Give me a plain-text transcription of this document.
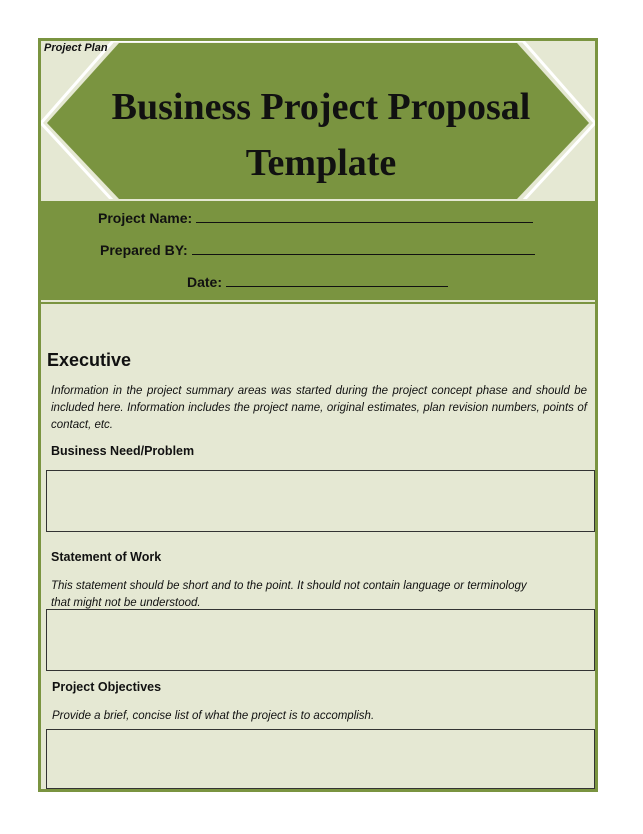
Project Plan
Business Project Proposal Template
Project Name:
Prepared BY:
Date:
Executive
Information in the project summary areas was started during the project concept phase and should be included here. Information includes the project name, original estimates, plan revision numbers, points of contact, etc.
Business Need/Problem
Statement of Work
This statement should be short and to the point. It should not contain language or terminology that might not be understood.
Project Objectives
Provide a brief, concise list of what the project is to accomplish.
